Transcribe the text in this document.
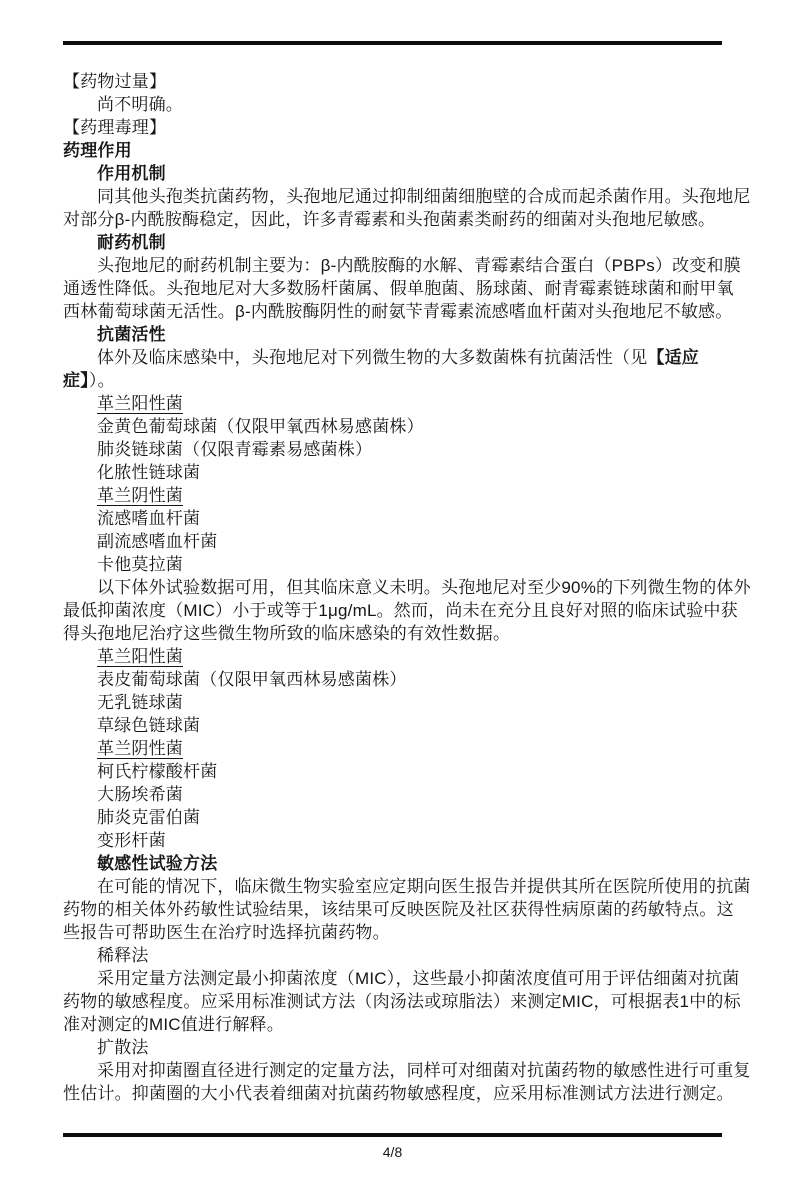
【药物过量】
尚不明确。
【药理毒理】
药理作用
作用机制
同其他头孢类抗菌药物，头孢地尼通过抑制细菌细胞壁的合成而起杀菌作用。头孢地尼
对部分β-内酰胺酶稳定，因此，许多青霉素和头孢菌素类耐药的细菌对头孢地尼敏感。
耐药机制
头孢地尼的耐药机制主要为：β-内酰胺酶的水解、青霉素结合蛋白（PBPs）改变和膜
通透性降低。头孢地尼对大多数肠杆菌属、假单胞菌、肠球菌、耐青霉素链球菌和耐甲氧
西林葡萄球菌无活性。β-内酰胺酶阴性的耐氨苄青霉素流感嗜血杆菌对头孢地尼不敏感。
抗菌活性
体外及临床感染中，头孢地尼对下列微生物的大多数菌株有抗菌活性（见【适应
症】）。
革兰阳性菌
金黄色葡萄球菌（仅限甲氧西林易感菌株）
肺炎链球菌（仅限青霉素易感菌株）
化脓性链球菌
革兰阴性菌
流感嗜血杆菌
副流感嗜血杆菌
卡他莫拉菌
以下体外试验数据可用，但其临床意义未明。头孢地尼对至少90%的下列微生物的体外
最低抑菌浓度（MIC）小于或等于1μg/mL。然而，尚未在充分且良好对照的临床试验中获
得头孢地尼治疗这些微生物所致的临床感染的有效性数据。
革兰阳性菌
表皮葡萄球菌（仅限甲氧西林易感菌株）
无乳链球菌
草绿色链球菌
革兰阴性菌
柯氏柠檬酸杆菌
大肠埃希菌
肺炎克雷伯菌
变形杆菌
敏感性试验方法
在可能的情况下，临床微生物实验室应定期向医生报告并提供其所在医院所使用的抗菌
药物的相关体外药敏性试验结果，该结果可反映医院及社区获得性病原菌的药敏特点。这
些报告可帮助医生在治疗时选择抗菌药物。
稀释法
采用定量方法测定最小抑菌浓度（MIC），这些最小抑菌浓度值可用于评估细菌对抗菌
药物的敏感程度。应采用标准测试方法（肉汤法或琼脂法）来测定MIC，可根据表1中的标
准对测定的MIC值进行解释。
扩散法
采用对抑菌圈直径进行测定的定量方法，同样可对细菌对抗菌药物的敏感性进行可重复
性估计。抑菌圈的大小代表着细菌对抗菌药物敏感程度，应采用标准测试方法进行测定。
4/8
